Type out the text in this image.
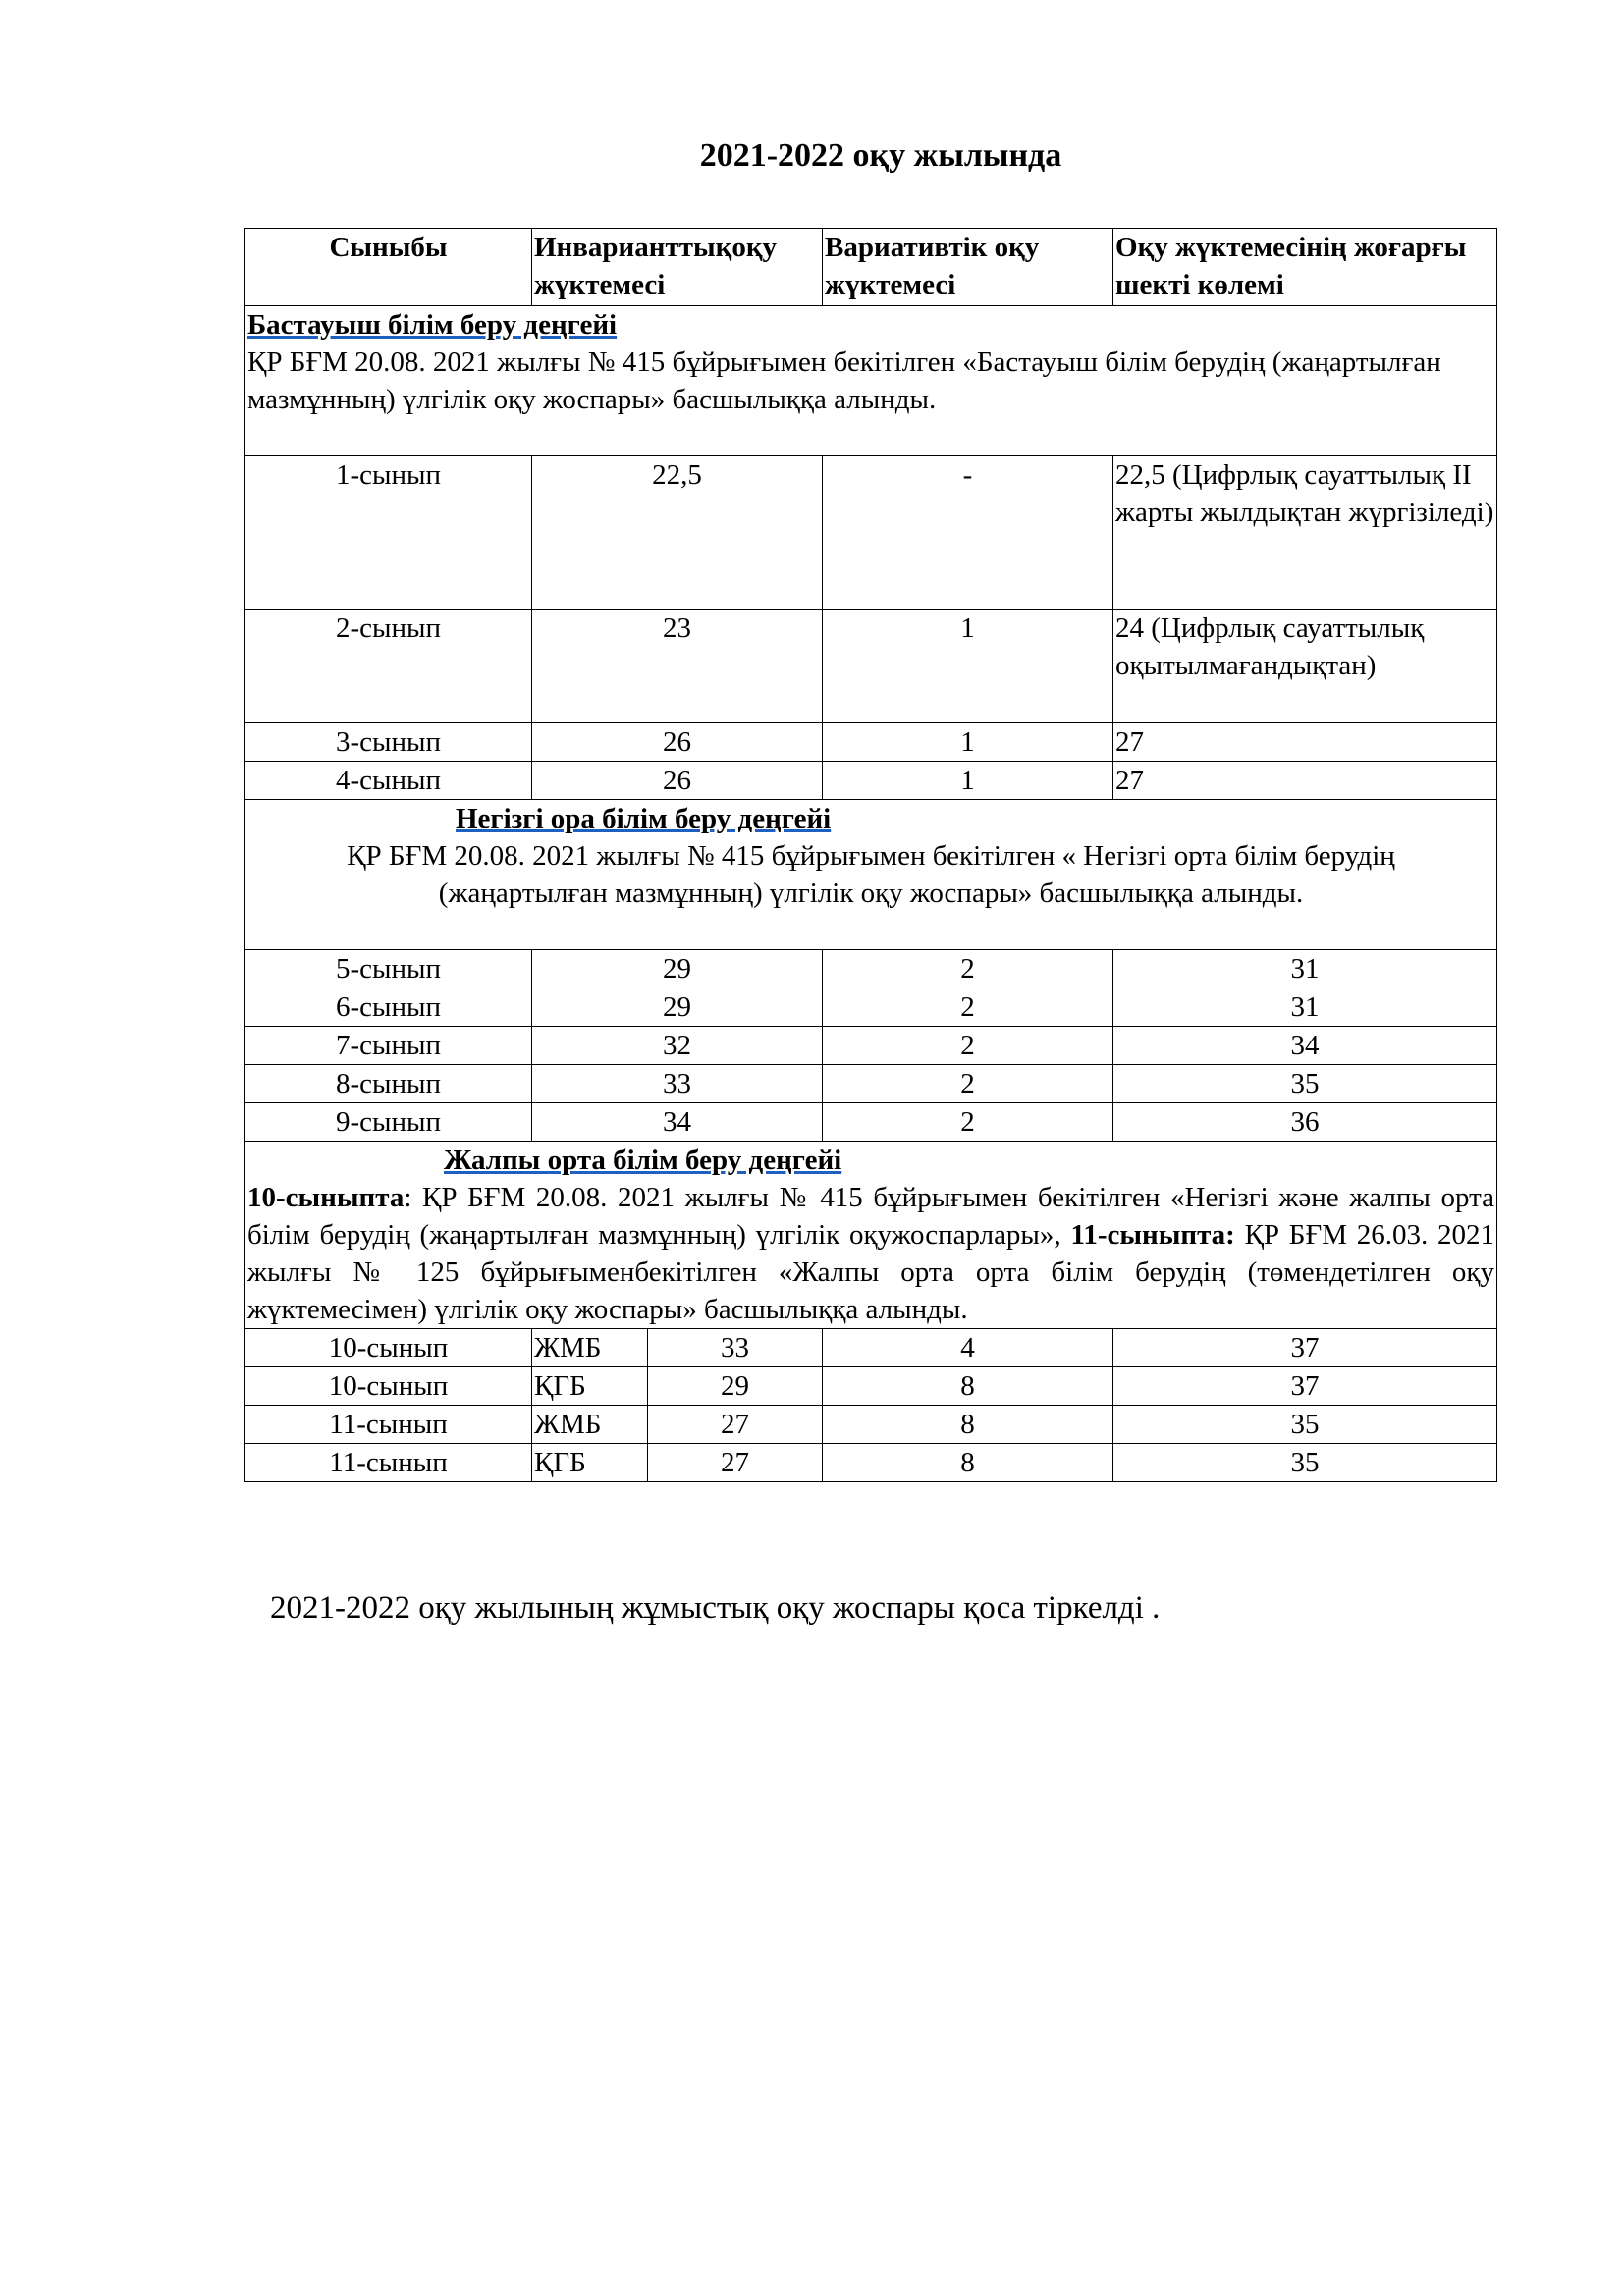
2021-2022 оқу жылында
Сыныбы	Инварианттықоқу жүктемесі		Вариативтік оқу жүктемесі	Оқу жүктемесінің жоғарғы шекті көлемі

Бастауыш білім беру деңгейі
ҚР БҒМ 20.08. 2021 жылғы № 415 бұйрығымен бекітілген «Бастауыш білім берудің (жаңартылған мазмұнның) үлгілік оқу жоспары» басшылыққа алынды.				

1-сынып	22,5		-	22,5 (Цифрлық сауаттылық ІІ жарты жылдықтан жүргізіледі)
2-сынып	23		1	24 (Цифрлық сауаттылық оқытылмағандықтан)
3-сынып	26		1	27
4-сынып	26		1	27

Негізгі ора білім беру деңгейі
ҚР БҒМ 20.08. 2021 жылғы № 415 бұйрығымен бекітілген « Негізгі орта білім берудің (жаңартылған мазмұнның) үлгілік оқу жоспары» басшылыққа алынды.				

5-сынып	29		2	31
6-сынып	29		2	31
7-сынып	32		2	34
8-сынып	33		2	35
9-сынып	34		2	36

Жалпы орта білім беру деңгейі
10-сыныпта: ҚР БҒМ 20.08. 2021 жылғы № 415 бұйрығымен бекітілген «Негізгі және жалпы орта білім берудің (жаңартылған мазмұнның) үлгілік оқужоспарлары», 11-сыныпта: ҚР БҒМ 26.03. 2021 жылғы № 125 бұйрығыменбекітілген «Жалпы орта орта білім берудің (төмендетілген оқу жүктемесімен) үлгілік оқу жоспары» басшылыққа алынды.				

10-сынып	ЖМБ	33	4	37
10-сынып	ҚГБ	29	8	37
11-сынып	ЖМБ	27	8	35
11-сынып	ҚГБ	27	8	35
2021-2022 оқу жылының жұмыстық оқу жоспары қоса тіркелді .
